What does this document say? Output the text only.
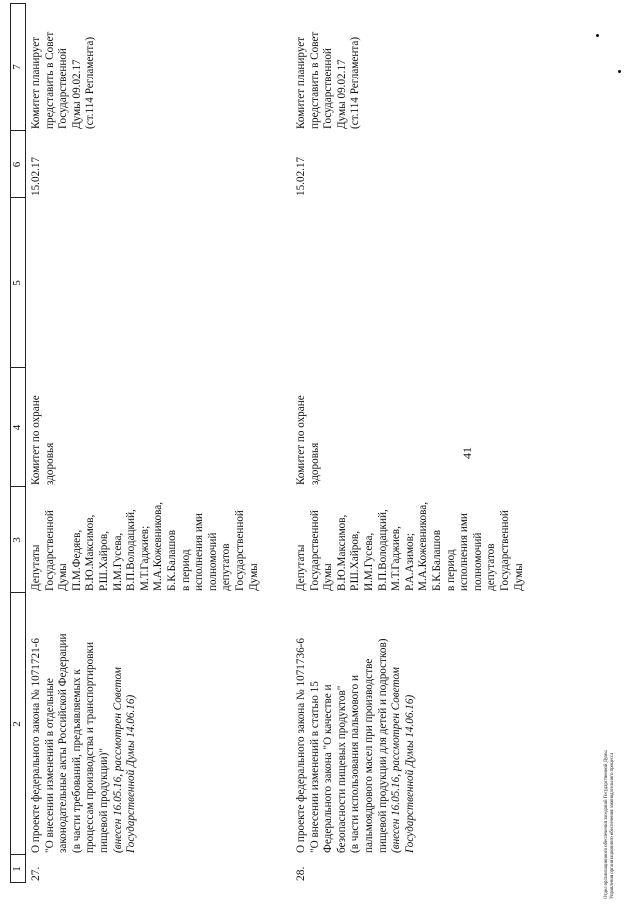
41
1
2
3
4
5
6
7
27.
О проекте федерального закона № 1071721-6 "О внесении изменений в отдельные законодательные акты Российской Федерации (в части требований, предъявляемых к процессам производства и транспортировки пищевой продукции)" (внесен 16.05.16, рассмотрен Советом Государственной Думы 14.06.16)
Депутаты Государственной Думы П.М.Федяев, В.Ю.Максимов, Р.Ш.Хайров, И.М.Гусева, В.П.Володацкий, М.Т.Гаджиев; М.А.Кожевникова, Б.К.Балашов в период исполнения ими полномочий депутатов Государственной Думы
Комитет по охране здоровья
15.02.17
Комитет планирует представить в Совет Государственной Думы 09.02.17 (ст.114 Регламента)
28.
О проекте федерального закона № 1071736-6 "О внесении изменений в статью 15 Федерального закона "О качестве и безопасности пищевых продуктов" (в части использования пальмового и пальмоядрового масел при производстве пищевой продукции для детей и подростков) (внесен 16.05.16, рассмотрен Советом Государственной Думы 14.06.16)
Депутаты Государственной Думы В.Ю.Максимов, Р.Ш.Хайров, И.М.Гусева, В.П.Володацкий, М.Т.Гаджиев, Р.А.Азимов; М.А.Кожевникова, Б.К.Балашов в период исполнения ими полномочий депутатов Государственной Думы
Комитет по охране здоровья
15.02.17
Комитет планирует представить в Совет Государственной Думы 09.02.17 (ст.114 Регламента)
Отдел организационного обеспечения заседаний Государственной Думы Управления организационного обеспечения законодательного процесса
